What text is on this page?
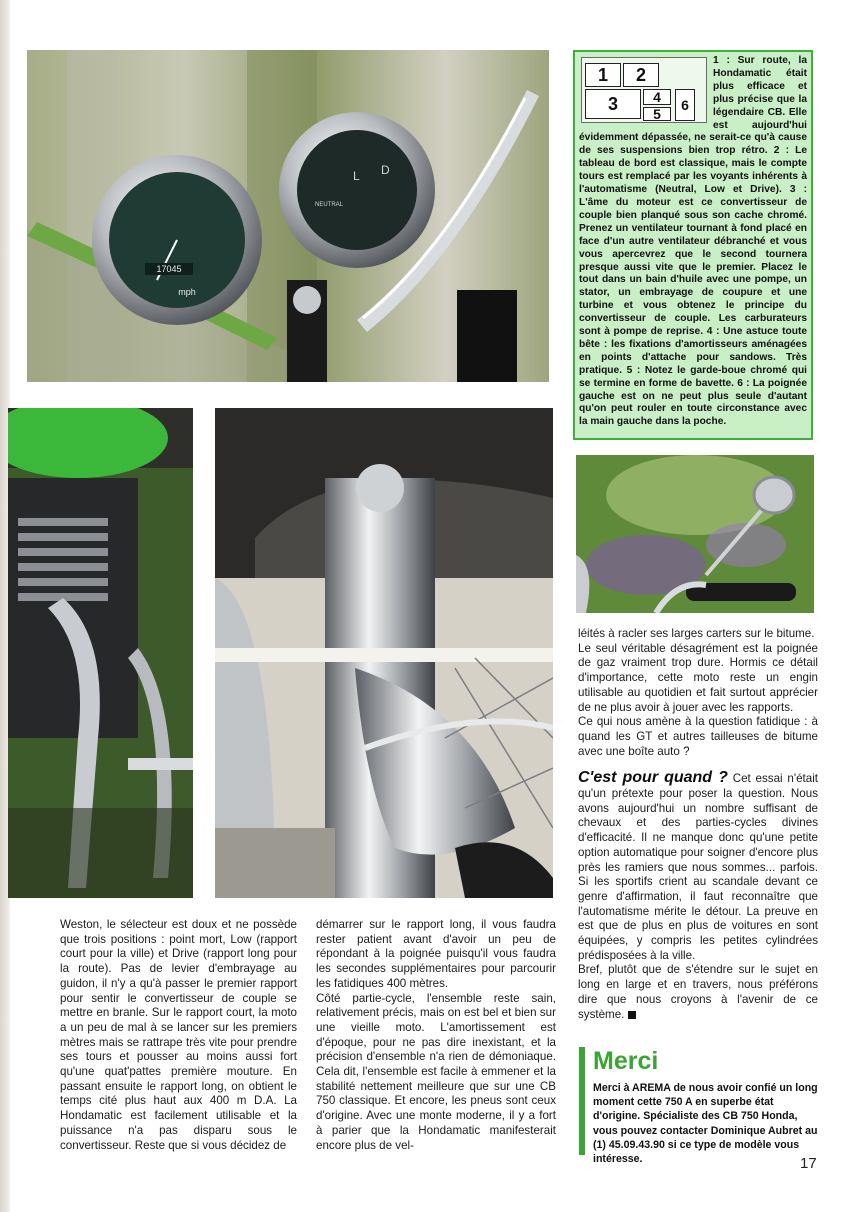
17045
mph
L D
NEUTRAL
1	2
3	4
5
6
1 : Sur route, la Hondamatic était plus efficace et plus précise que la légendaire CB. Elle est aujourd'hui évidemment dépassée, ne serait-ce qu'à cause de ses suspensions bien trop rétro. 2 : Le tableau de bord est classique, mais le compte tours est remplacé par les voyants inhérents à l'automatisme (Neutral, Low et Drive). 3 : L'âme du moteur est ce convertisseur de couple bien planqué sous son cache chromé. Prenez un ventilateur tournant à fond placé en face d'un autre ventilateur débranché et vous vous apercevrez que le second tournera presque aussi vite que le premier. Placez le tout dans un bain d'huile avec une pompe, un stator, un embrayage de coupure et une turbine et vous obtenez le principe du convertisseur de couple. Les carburateurs sont à pompe de reprise. 4 : Une astuce toute bête : les fixations d'amortisseurs aménagées en points d'attache pour sandows. Très pratique. 5 : Notez le garde-boue chromé qui se termine en forme de bavette. 6 : La poignée gauche est on ne peut plus seule d'autant qu'on peut rouler en toute circonstance avec la main gauche dans la poche.

Weston, le sélecteur est doux et ne possède que trois positions : point mort, Low (rapport court pour la ville) et Drive (rapport long pour la route). Pas de levier d'embrayage au guidon, il n'y a qu'à passer le premier rapport pour sentir le convertisseur de couple se mettre en branle. Sur le rapport court, la moto a un peu de mal à se lancer sur les premiers mètres mais se rattrape très vite pour prendre ses tours et pousser au moins aussi fort qu'une quat'pattes première mouture. En passant ensuite le rapport long, on obtient le temps cité plus haut aux 400 m D.A. La Hondamatic est facilement utilisable et la puissance n'a pas disparu sous le convertisseur. Reste que si vous décidez de

démarrer sur le rapport long, il vous faudra rester patient avant d'avoir un peu de répondant à la poignée puisqu'il vous faudra les secondes supplémentaires pour parcourir les fatidiques 400 mètres.

Côté partie-cycle, l'ensemble reste sain, relativement précis, mais on est bel et bien sur une vieille moto. L'amortissement est d'époque, pour ne pas dire inexistant, et la précision d'ensemble n'a rien de démoniaque. Cela dit, l'ensemble est facile à emmener et la stabilité nettement meilleure que sur une CB 750 classique. Et encore, les pneus sont ceux d'origine. Avec une monte moderne, il y a fort à parier que la Hondamatic manifesterait encore plus de vel-

léités à racler ses larges carters sur le bitume.

Le seul véritable désagrément est la poignée de gaz vraiment trop dure. Hormis ce détail d'importance, cette moto reste un engin utilisable au quotidien et fait surtout apprécier de ne plus avoir à jouer avec les rapports.

Ce qui nous amène à la question fatidique : à quand les GT et autres tailleuses de bitume avec une boîte auto ?

C'est pour quand ? Cet essai n'était qu'un prétexte pour poser la question. Nous avons aujourd'hui un nombre suffisant de chevaux et des parties-cycles divines d'efficacité. Il ne manque donc qu'une petite option automatique pour soigner d'encore plus près les ramiers que nous sommes... parfois. Si les sportifs crient au scandale devant ce genre d'affirmation, il faut reconnaître que l'automatisme mérite le détour. La preuve en est que de plus en plus de voitures en sont équipées, y compris les petites cylindrées prédisposées à la ville.

Bref, plutôt que de s'étendre sur le sujet en long en large et en travers, nous préférons dire que nous croyons à l'avenir de ce système.

Merci
Merci à AREMA de nous avoir confié un long moment cette 750 A en superbe état d'origine. Spécialiste des CB 750 Honda, vous pouvez contacter Dominique Aubret au (1) 45.09.43.90 si ce type de modèle vous intéresse.	17
